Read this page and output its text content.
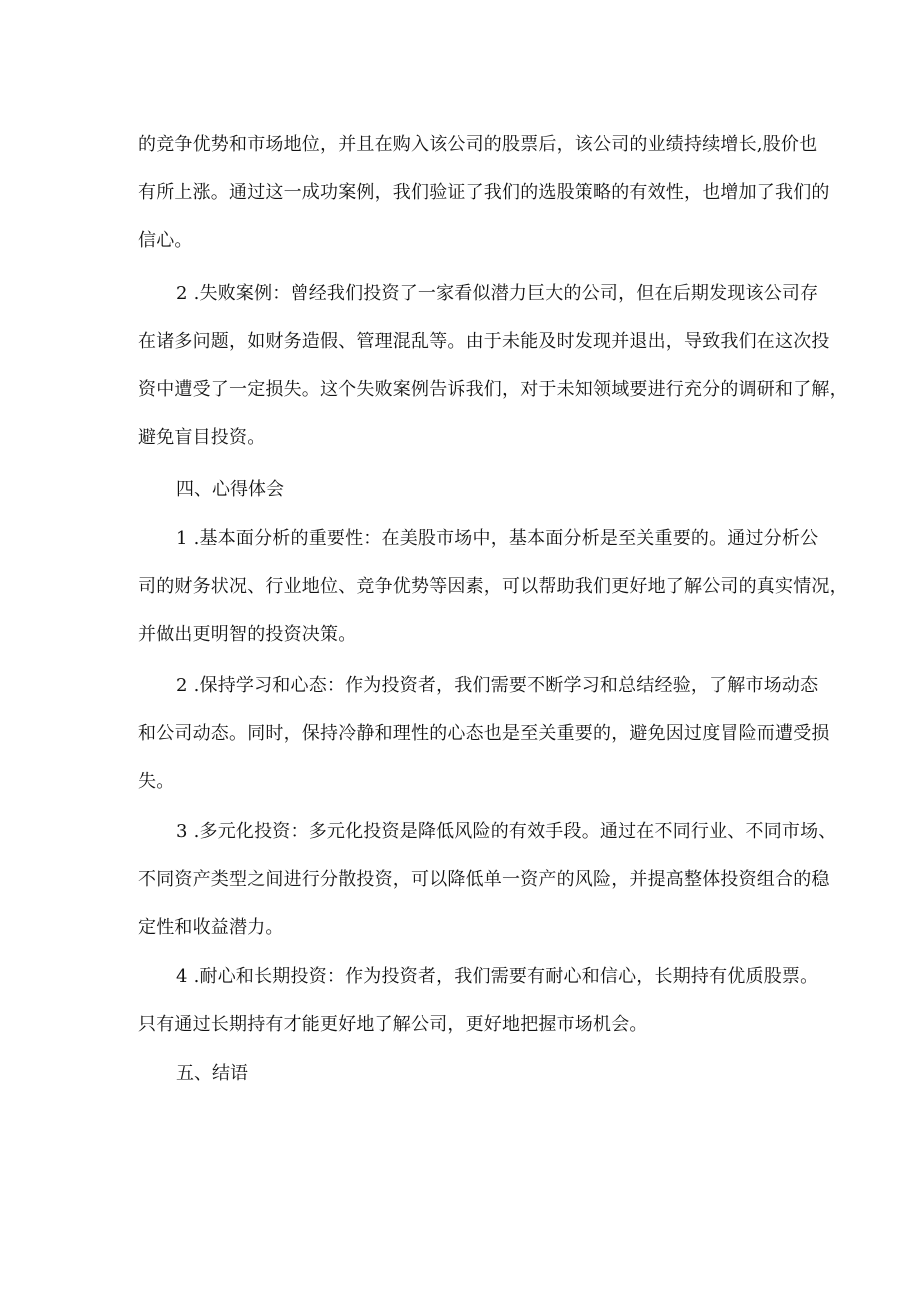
的竞争优势和市场地位，并且在购入该公司的股票后，该公司的业绩持续增长,股价也
有所上涨。通过这一成功案例，我们验证了我们的选股策略的有效性，也增加了我们的
信心。
2 .失败案例：曾经我们投资了一家看似潜力巨大的公司，但在后期发现该公司存
在诸多问题，如财务造假、管理混乱等。由于未能及时发现并退出，导致我们在这次投
资中遭受了一定损失。这个失败案例告诉我们，对于未知领域要进行充分的调研和了解，
避免盲目投资。
四、心得体会
1 .基本面分析的重要性：在美股市场中，基本面分析是至关重要的。通过分析公
司的财务状况、行业地位、竞争优势等因素，可以帮助我们更好地了解公司的真实情况，
并做出更明智的投资决策。
2 .保持学习和心态：作为投资者，我们需要不断学习和总结经验，了解市场动态
和公司动态。同时，保持冷静和理性的心态也是至关重要的，避免因过度冒险而遭受损
失。
3 .多元化投资：多元化投资是降低风险的有效手段。通过在不同行业、不同市场、
不同资产类型之间进行分散投资，可以降低单一资产的风险，并提高整体投资组合的稳
定性和收益潜力。
4 .耐心和长期投资：作为投资者，我们需要有耐心和信心，长期持有优质股票。
只有通过长期持有才能更好地了解公司，更好地把握市场机会。
五、结语
